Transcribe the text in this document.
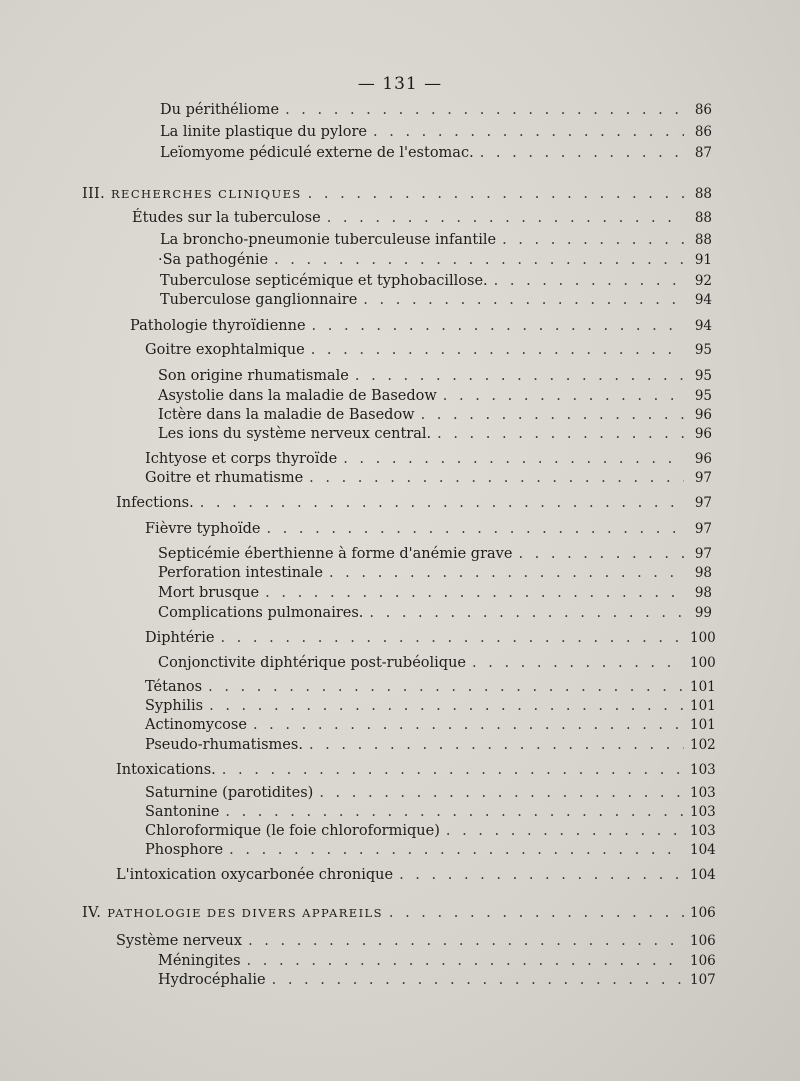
— 131 —
Du périthéliome . . .	86
La linite plastique du pylore . . .	86
Leïomyome pédiculé externe de l'estomac. . . .	87
III. RECHERCHES CLINIQUES . . .	88
Études sur la tuberculose . . .	88
La broncho-pneumonie tuberculeuse infantile . . .	88
·Sa pathogénie . . .	91
Tuberculose septicémique et typhobacillose. . . .	92
Tuberculose ganglionnaire . . .	94
Pathologie thyroïdienne . . .	94
Goitre exophtalmique . . .	95
Son origine rhumatismale . . .	95
Asystolie dans la maladie de Basedow . . .	95
Ictère dans la maladie de Basedow . . .	96
Les ions du système nerveux central. . . .	96
Ichtyose et corps thyroïde . . .	96
Goitre et rhumatisme . . .	97
Infections. . . .	97
Fièvre typhoïde . . .	97
Septicémie éberthienne à forme d'anémie grave . . .	97
Perforation intestinale . . .	98
Mort brusque . . .	98
Complications pulmonaires. . . .	99
Diphtérie . . .	100
Conjonctivite diphtérique post-rubéolique . . .	100
Tétanos . . .	101
Syphilis . . .	101
Actinomycose . . .	101
Pseudo-rhumatismes. . . .	102
Intoxications. . . .	103
Saturnine (parotidites) . . .	103
Santonine . . .	103
Chloroformique (le foie chloroformique) . . .	103
Phosphore . . .	104
L'intoxication oxycarbonée chronique . . .	104
IV. PATHOLOGIE DES DIVERS APPAREILS . . .	106
Système nerveux . . .	106
Méningites . . .	106
Hydrocéphalie . . .	107
